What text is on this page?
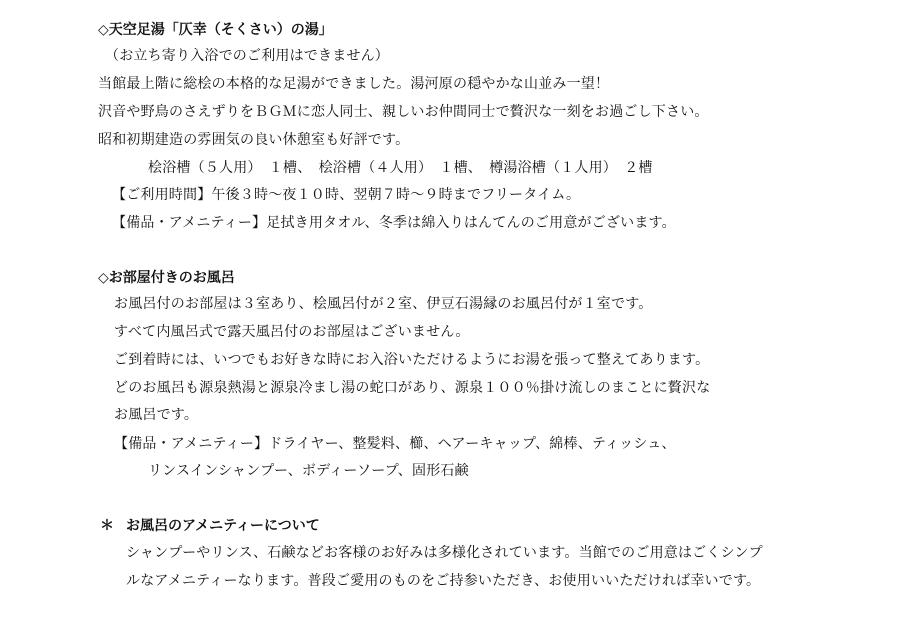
◇天空足湯「仄幸（そくさい）の湯」
（お立ち寄り入浴でのご利用はできません）
当館最上階に総桧の本格的な足湯ができました。湯河原の穏やかな山並み一望！
沢音や野鳥のさえずりをＢＧＭに恋人同士、親しいお仲間同士で贅沢な一刻をお過ごし下さい。
昭和初期建造の雰囲気の良い休憩室も好評です。
桧浴槽（５人用）　１槽、　桧浴槽（４人用）　１槽、　樽湯浴槽（１人用）　２槽
【ご利用時間】午後３時～夜１０時、翌朝７時～９時までフリータイム。
【備品・アメニティー】足拭き用タオル、冬季は綿入りはんてんのご用意がございます。
◇お部屋付きのお風呂
お風呂付のお部屋は３室あり、桧風呂付が２室、伊豆石湯縁のお風呂付が１室です。
すべて内風呂式で露天風呂付のお部屋はございません。
ご到着時には、いつでもお好きな時にお入浴いただけるようにお湯を張って整えてあります。
どのお風呂も源泉熱湯と源泉冷まし湯の蛇口があり、源泉１００％掛け流しのまことに贅沢な
お風呂です。
【備品・アメニティー】ドライヤー、整髪料、櫛、ヘアーキャップ、綿棒、ティッシュ、
リンスインシャンプー、ボディーソープ、固形石鹸
＊ お風呂のアメニティーについて
シャンプーやリンス、石鹸などお客様のお好みは多様化されています。当館でのご用意はごくシンプ
ルなアメニティーなります。普段ご愛用のものをご持参いただき、お使用いいただければ幸いです。
